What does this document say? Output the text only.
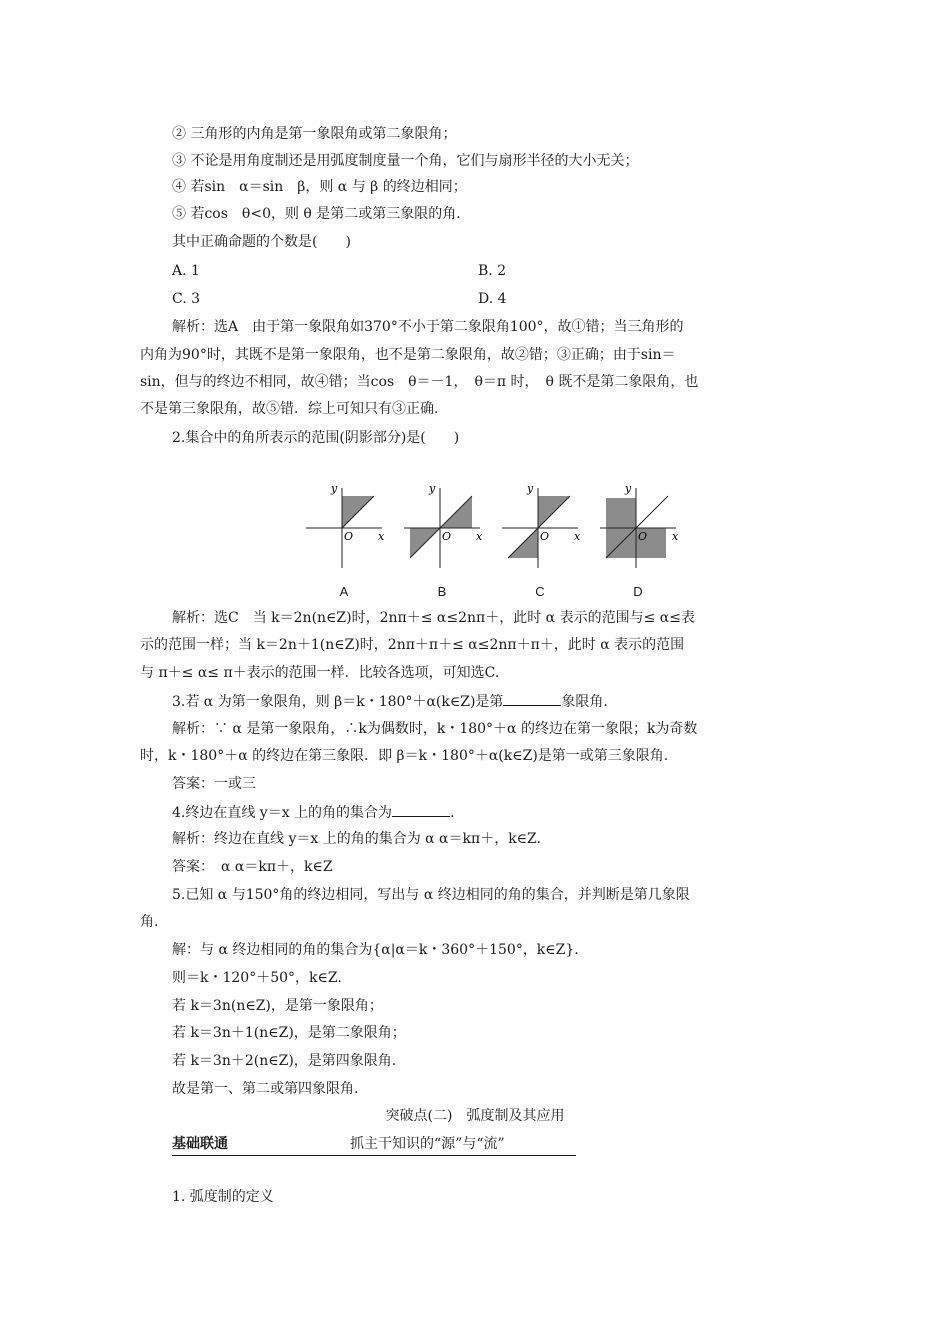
② 三角形的内角是第一象限角或第二象限角；
③ 不论是用角度制还是用弧度制度量一个角，它们与扇形半径的大小无关；
④ 若sin　α＝sin　β，则 α 与 β 的终边相同；
⑤ 若cos　θ<0，则 θ 是第二或第三象限的角.
其中正确命题的个数是(　　)
A. 1	B. 2
C. 3	D. 4
解析：选A　由于第一象限角如370°不小于第二象限角100°，故①错；当三角形的
内角为90°时，其既不是第一象限角，也不是第二象限角，故②错；③正确；由于sin＝
sin，但与的终边不相同，故④错；当cos　θ＝－1，　θ＝π 时，　θ 既不是第二象限角，也
不是第三象限角，故⑤错．综上可知只有③正确.
2.集合中的角所表示的范围(阴影部分)是(　　)
y
x
O
A
y
x
O
B
y
x
O
C
y
x
O
D
解析：选C　当 k＝2n(n∈Z)时，2nπ＋≤ α≤2nπ＋，此时 α 表示的范围与≤ α≤表
示的范围一样；当 k＝2n＋1(n∈Z)时，2nπ＋π＋≤ α≤2nπ＋π＋，此时 α 表示的范围
与 π＋≤ α≤ π＋表示的范围一样．比较各选项，可知选C.
3.若 α 为第一象限角，则 β＝k・180°＋α(k∈Z)是第	象限角.
解析：∵ α 是第一象限角，∴k为偶数时，k・180°＋α 的终边在第一象限；k为奇数
时，k・180°＋α 的终边在第三象限．即 β＝k・180°＋α(k∈Z)是第一或第三象限角.
答案：一或三
4.终边在直线 y＝x 上的角的集合为	.
解析：终边在直线 y＝x 上的角的集合为 α α＝kπ＋，k∈Z.
答案：　α α＝kπ＋，k∈Z
5.已知 α 与150°角的终边相同，写出与 α 终边相同的角的集合，并判断是第几象限
角.
解：与 α 终边相同的角的集合为{α|α＝k・360°＋150°，k∈Z}.
则＝k・120°＋50°，k∈Z.
若 k＝3n(n∈Z)，是第一象限角；
若 k＝3n＋1(n∈Z)，是第二象限角；
若 k＝3n＋2(n∈Z)，是第四象限角.
故是第一、第二或第四象限角.
突破点(二)　弧度制及其应用
基础联通	抓主干知识的“源”与“流”
1. 弧度制的定义
